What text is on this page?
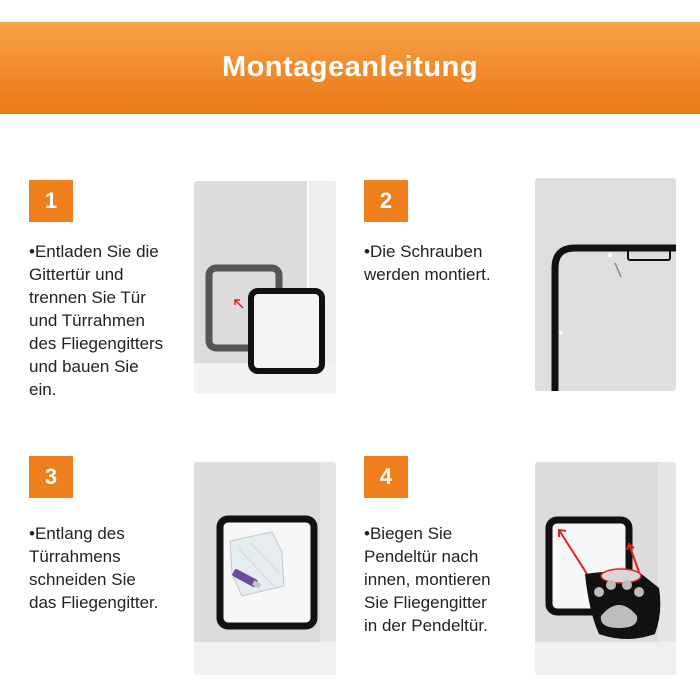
Montageanleitung
1
•Entladen Sie die
Gittertür und
trennen Sie Tür
und Türrahmen
des Fliegengitters
und bauen Sie
ein.
2
•Die Schrauben
werden montiert.
3
•Entlang des
Türrahmens
schneiden Sie
das Fliegengitter.
4
•Biegen Sie
Pendeltür nach
innen, montieren
Sie Fliegengitter
in der Pendeltür.
